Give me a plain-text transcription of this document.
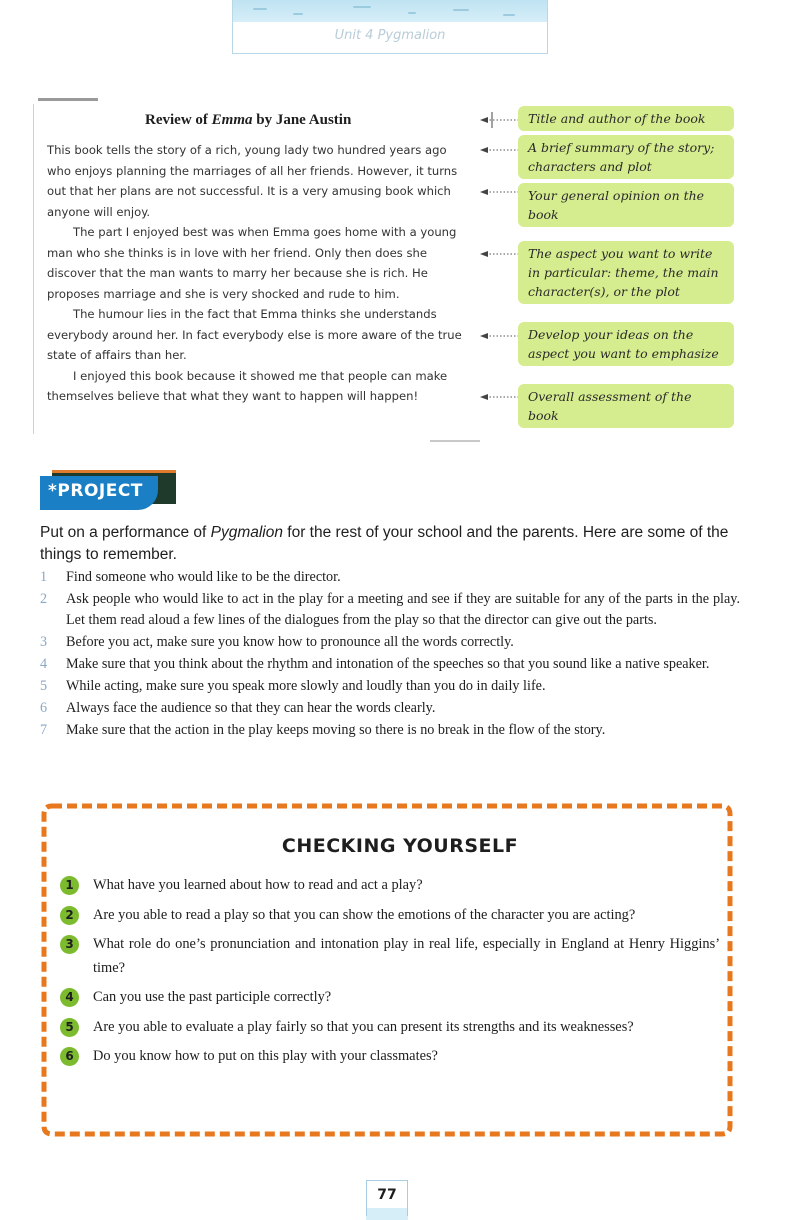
Unit 4 Pygmalion
Review of Emma by Jane Austin

This book tells the story of a rich, young lady two hundred years ago who enjoys planning the marriages of all her friends. However, it turns out that her plans are not successful. It is a very amusing book which anyone will enjoy.

The part I enjoyed best was when Emma goes home with a young man who she thinks is in love with her friend. Only then does she discover that the man wants to marry her because she is rich. He proposes marriage and she is very shocked and rude to him.

The humour lies in the fact that Emma thinks she understands everybody around her. In fact everybody else is more aware of the true state of affairs than her.

I enjoyed this book because it showed me that people can make themselves believe that what they want to happen will happen!

Title and author of the book
A brief summary of the story; characters and plot
Your general opinion on the book
The aspect you want to write in particular: theme, the main character(s), or the plot
Develop your ideas on the aspect you want to emphasize
Overall assessment of the book
*PROJECT
Put on a performance of Pygmalion for the rest of your school and the parents. Here are some of the things to remember.
1	Find someone who would like to be the director.
2	Ask people who would like to act in the play for a meeting and see if they are suitable for any of the parts in the play. Let them read aloud a few lines of the dialogues from the play so that the director can give out the parts.
3	Before you act, make sure you know how to pronounce all the words correctly.
4	Make sure that you think about the rhythm and intonation of the speeches so that you sound like a native speaker.
5	While acting, make sure you speak more slowly and loudly than you do in daily life.
6	Always face the audience so that they can hear the words clearly.
7	Make sure that the action in the play keeps moving so there is no break in the flow of the story.
CHECKING YOURSELF
1	What have you learned about how to read and act a play?
2	Are you able to read a play so that you can show the emotions of the character you are acting?
3	What role do one’s pronunciation and intonation play in real life, especially in England at Henry Higgins’ time?
4	Can you use the past participle correctly?
5	Are you able to evaluate a play fairly so that you can present its strengths and its weaknesses?
6	Do you know how to put on this play with your classmates?
77
